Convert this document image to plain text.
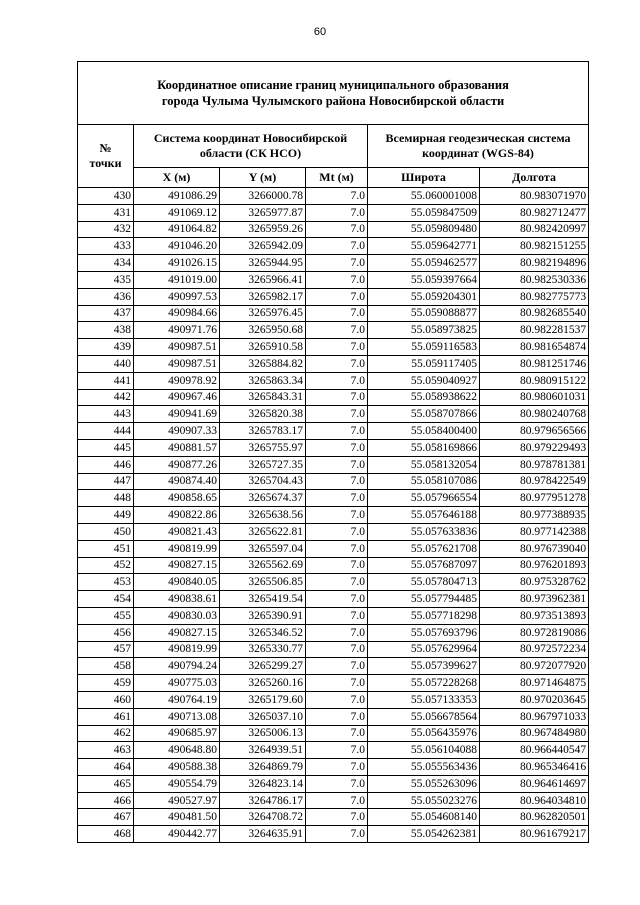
60
Координатное описание границ муниципального образования
города Чулыма Чулымского района Новосибирской области					

№
точки	Система координат Новосибирской области (СК НСО)			Всемирная геодезическая система координат (WGS-84)	
	X (м)	Y (м)	Mt (м)	Широта	Долгота
430	491086.29	3266000.78	7.0	55.060001008	80.983071970
431	491069.12	3265977.87	7.0	55.059847509	80.982712477
432	491064.82	3265959.26	7.0	55.059809480	80.982420997
433	491046.20	3265942.09	7.0	55.059642771	80.982151255
434	491026.15	3265944.95	7.0	55.059462577	80.982194896
435	491019.00	3265966.41	7.0	55.059397664	80.982530336
436	490997.53	3265982.17	7.0	55.059204301	80.982775773
437	490984.66	3265976.45	7.0	55.059088877	80.982685540
438	490971.76	3265950.68	7.0	55.058973825	80.982281537
439	490987.51	3265910.58	7.0	55.059116583	80.981654874
440	490987.51	3265884.82	7.0	55.059117405	80.981251746
441	490978.92	3265863.34	7.0	55.059040927	80.980915122
442	490967.46	3265843.31	7.0	55.058938622	80.980601031
443	490941.69	3265820.38	7.0	55.058707866	80.980240768
444	490907.33	3265783.17	7.0	55.058400400	80.979656566
445	490881.57	3265755.97	7.0	55.058169866	80.979229493
446	490877.26	3265727.35	7.0	55.058132054	80.978781381
447	490874.40	3265704.43	7.0	55.058107086	80.978422549
448	490858.65	3265674.37	7.0	55.057966554	80.977951278
449	490822.86	3265638.56	7.0	55.057646188	80.977388935
450	490821.43	3265622.81	7.0	55.057633836	80.977142388
451	490819.99	3265597.04	7.0	55.057621708	80.976739040
452	490827.15	3265562.69	7.0	55.057687097	80.976201893
453	490840.05	3265506.85	7.0	55.057804713	80.975328762
454	490838.61	3265419.54	7.0	55.057794485	80.973962381
455	490830.03	3265390.91	7.0	55.057718298	80.973513893
456	490827.15	3265346.52	7.0	55.057693796	80.972819086
457	490819.99	3265330.77	7.0	55.057629964	80.972572234
458	490794.24	3265299.27	7.0	55.057399627	80.972077920
459	490775.03	3265260.16	7.0	55.057228268	80.971464875
460	490764.19	3265179.60	7.0	55.057133353	80.970203645
461	490713.08	3265037.10	7.0	55.056678564	80.967971033
462	490685.97	3265006.13	7.0	55.056435976	80.967484980
463	490648.80	3264939.51	7.0	55.056104088	80.966440547
464	490588.38	3264869.79	7.0	55.055563436	80.965346416
465	490554.79	3264823.14	7.0	55.055263096	80.964614697
466	490527.97	3264786.17	7.0	55.055023276	80.964034810
467	490481.50	3264708.72	7.0	55.054608140	80.962820501
468	490442.77	3264635.91	7.0	55.054262381	80.961679217
